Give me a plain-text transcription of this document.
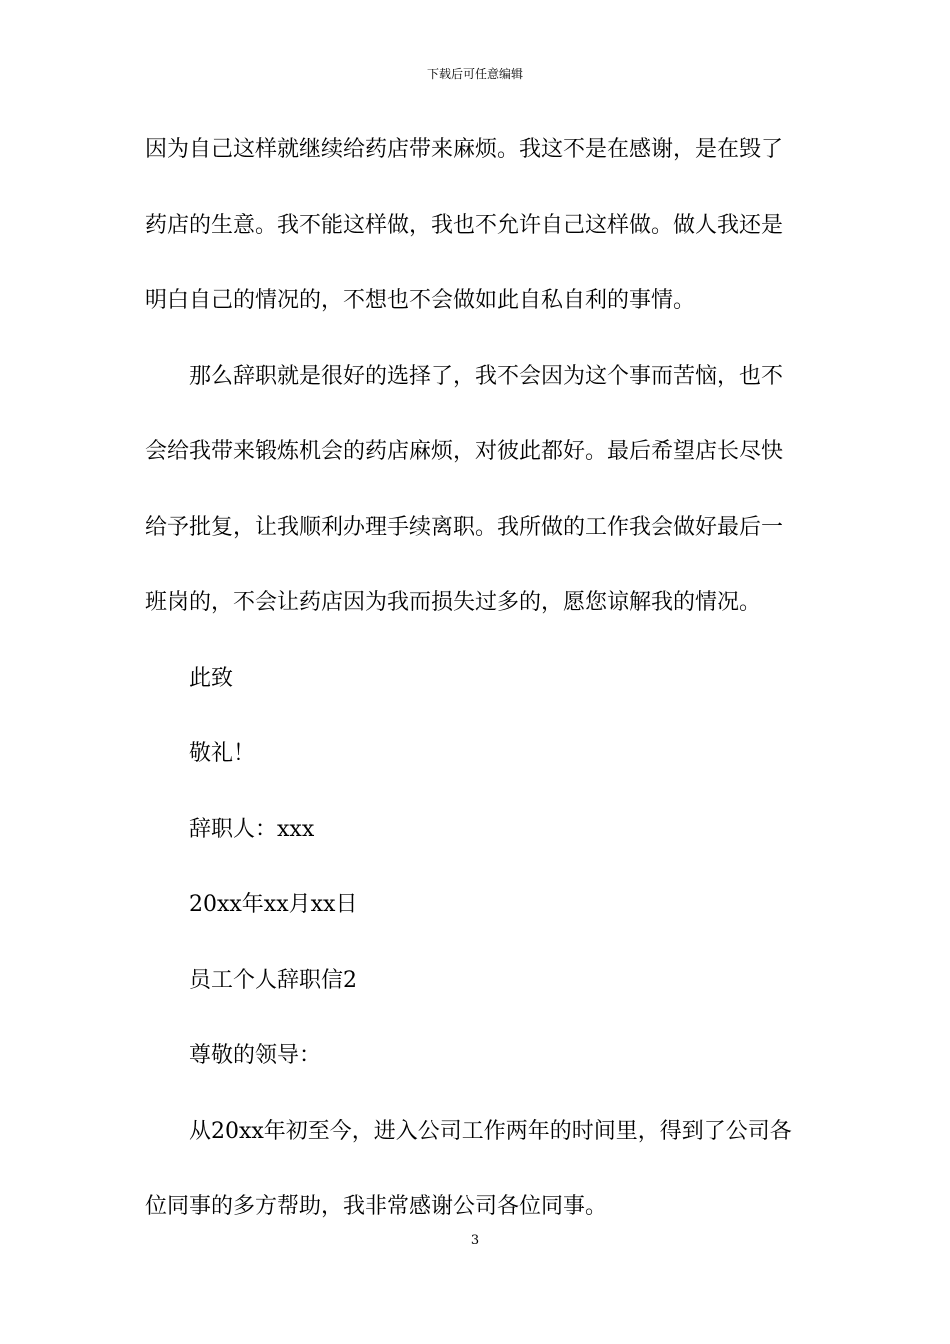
下载后可任意编辑
因为自己这样就继续给药店带来麻烦。我这不是在感谢，是在毁了
药店的生意。我不能这样做，我也不允许自己这样做。做人我还是
明白自己的情况的，不想也不会做如此自私自利的事情。
那么辞职就是很好的选择了，我不会因为这个事而苦恼，也不
会给我带来锻炼机会的药店麻烦，对彼此都好。最后希望店长尽快
给予批复，让我顺利办理手续离职。我所做的工作我会做好最后一
班岗的，不会让药店因为我而损失过多的，愿您谅解我的情况。
此致
敬礼！
辞职人：xxx
20xx年xx月xx日
员工个人辞职信2
尊敬的领导：
从20xx年初至今，进入公司工作两年的时间里，得到了公司各
位同事的多方帮助，我非常感谢公司各位同事。
3
